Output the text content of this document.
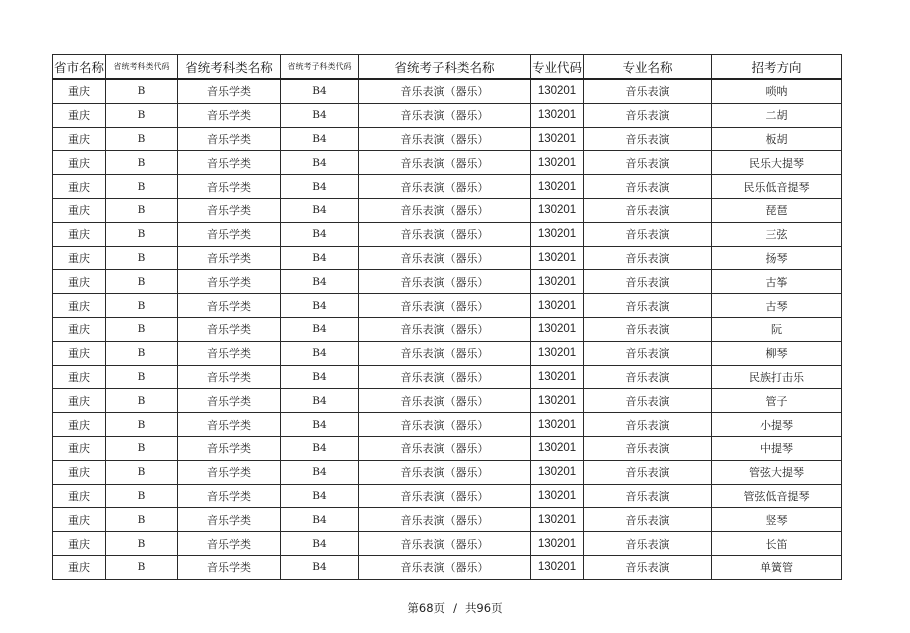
省市名称	省统考科类代码	省统考科类名称	省统考子科类代码	省统考子科类名称	专业代码	专业名称	招考方向
重庆	B	音乐学类	B4	音乐表演（器乐）	130201	音乐表演	唢呐
重庆	B	音乐学类	B4	音乐表演（器乐）	130201	音乐表演	二胡
重庆	B	音乐学类	B4	音乐表演（器乐）	130201	音乐表演	板胡
重庆	B	音乐学类	B4	音乐表演（器乐）	130201	音乐表演	民乐大提琴
重庆	B	音乐学类	B4	音乐表演（器乐）	130201	音乐表演	民乐低音提琴
重庆	B	音乐学类	B4	音乐表演（器乐）	130201	音乐表演	琵琶
重庆	B	音乐学类	B4	音乐表演（器乐）	130201	音乐表演	三弦
重庆	B	音乐学类	B4	音乐表演（器乐）	130201	音乐表演	扬琴
重庆	B	音乐学类	B4	音乐表演（器乐）	130201	音乐表演	古筝
重庆	B	音乐学类	B4	音乐表演（器乐）	130201	音乐表演	古琴
重庆	B	音乐学类	B4	音乐表演（器乐）	130201	音乐表演	阮
重庆	B	音乐学类	B4	音乐表演（器乐）	130201	音乐表演	柳琴
重庆	B	音乐学类	B4	音乐表演（器乐）	130201	音乐表演	民族打击乐
重庆	B	音乐学类	B4	音乐表演（器乐）	130201	音乐表演	管子
重庆	B	音乐学类	B4	音乐表演（器乐）	130201	音乐表演	小提琴
重庆	B	音乐学类	B4	音乐表演（器乐）	130201	音乐表演	中提琴
重庆	B	音乐学类	B4	音乐表演（器乐）	130201	音乐表演	管弦大提琴
重庆	B	音乐学类	B4	音乐表演（器乐）	130201	音乐表演	管弦低音提琴
重庆	B	音乐学类	B4	音乐表演（器乐）	130201	音乐表演	竖琴
重庆	B	音乐学类	B4	音乐表演（器乐）	130201	音乐表演	长笛
重庆	B	音乐学类	B4	音乐表演（器乐）	130201	音乐表演	单簧管
第68页 / 共96页
